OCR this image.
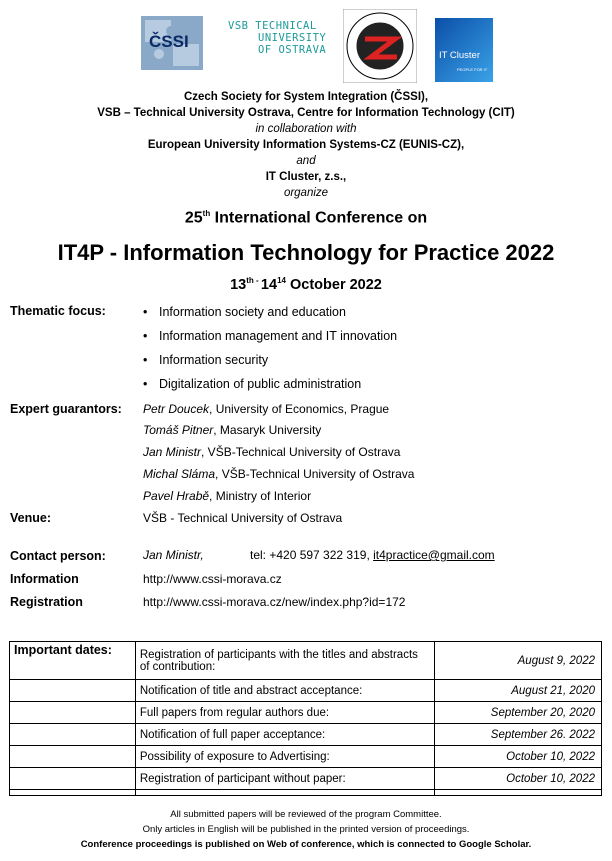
ČSSI
VSB TECHNICAL
UNIVERSITY
OF OSTRAVA	IT Cluster
PEOPLE FOR IT
Czech Society for System Integration (ČSSI),
VSB – Technical University Ostrava, Centre for Information Technology (CIT)
in collaboration with
European University Information Systems-CZ (EUNIS-CZ),
and
IT Cluster, z.s.,
organize
25th International Conference on
IT4P - Information Technology for Practice 2022
$13^{th -}$ $14^{14}$ October 2022
Thematic focus:	• Information society and education
• Information management and IT innovation
• Information security
• Digitalization of public administration
Expert guarantors: Petr Doucek, University of Economics, Prague
Tomáš Pitner, Masaryk University
Jan Ministr, VŠB-Technical University of Ostrava
Michal Sláma, VŠB-Technical University of Ostrava
Pavel Hrabě, Ministry of Interior
Venue:	VŠB - Technical University of Ostrava
Contact person:	Jan Ministr,	tel: +420 597 322 319, it4practice@gmail.com
Information	http://www.cssi-morava.cz
Registration	http://www.cssi-morava.cz/new/index.php?id=172
Important dates:	Registration of participants with the titles and abstracts of contribution:	August 9, 2022
	Notification of title and abstract acceptance:	August 21, 2020
	Full papers from regular authors due:	September 20, 2020
	Notification of full paper acceptance:	September 26. 2022
	Possibility of exposure to Advertising:	October 10, 2022
	Registration of participant without paper:	October 10, 2022

All submitted papers will be reviewed of the program Committee.
Only articles in English will be published in the printed version of proceedings.
Conference proceedings is published on Web of conference, which is connected to Google Scholar.
